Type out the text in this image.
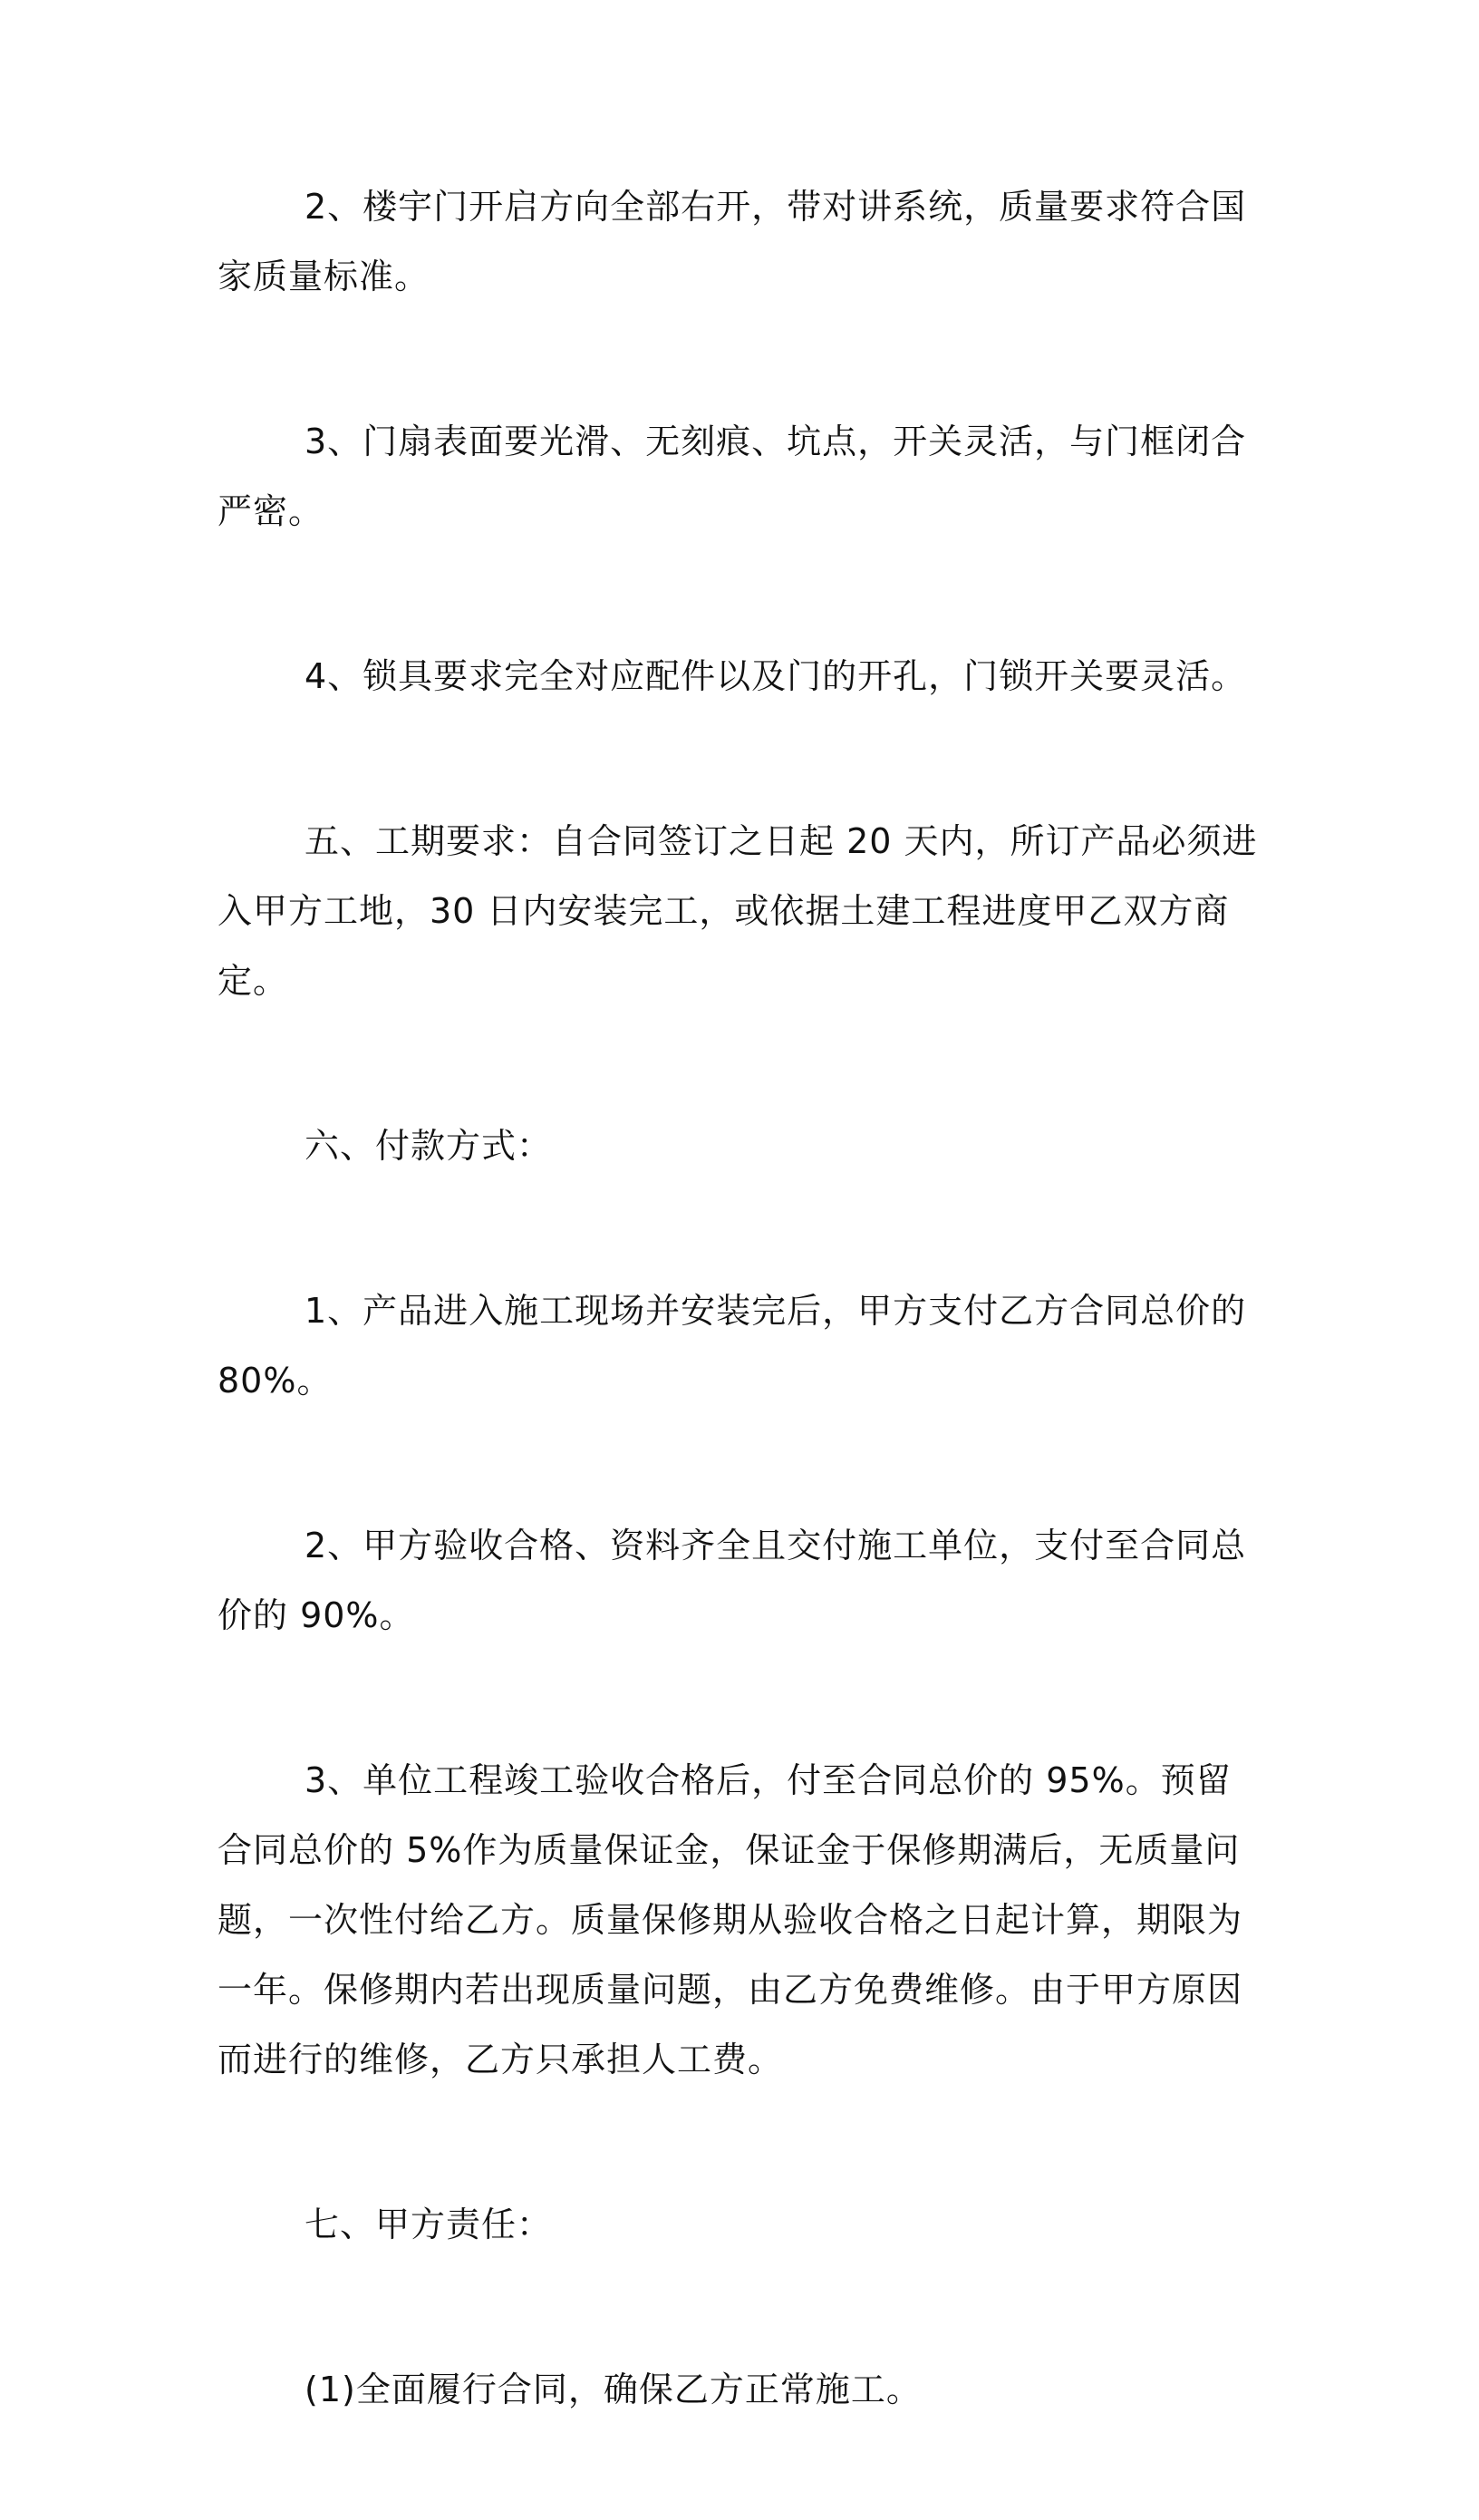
2、楼宇门开启方向全部右开，带对讲系统，质量要求符合国家质量标准。

3、门扇表面要光滑、无刻痕、坑点，开关灵活，与门框闭合严密。

4、锁具要求完全对应配件以及门的开孔，门锁开关要灵活。

五、工期要求：自合同签订之日起 20 天内，所订产品必须进入甲方工地，30 日内安装完工，或依据土建工程进度甲乙双方商定。

六、付款方式：

1、产品进入施工现场并安装完后，甲方支付乙方合同总价的80%。

2、甲方验收合格、资料齐全且交付施工单位，支付至合同总价的 90%。

3、单位工程竣工验收合格后，付至合同总价的 95%。预留合同总价的 5%作为质量保证金，保证金于保修期满后，无质量问题，一次性付给乙方。质量保修期从验收合格之日起计算，期限为一年。保修期内若出现质量问题，由乙方免费维修。由于甲方原因而进行的维修，乙方只承担人工费。

七、甲方责任：

(1)全面履行合同，确保乙方正常施工。
